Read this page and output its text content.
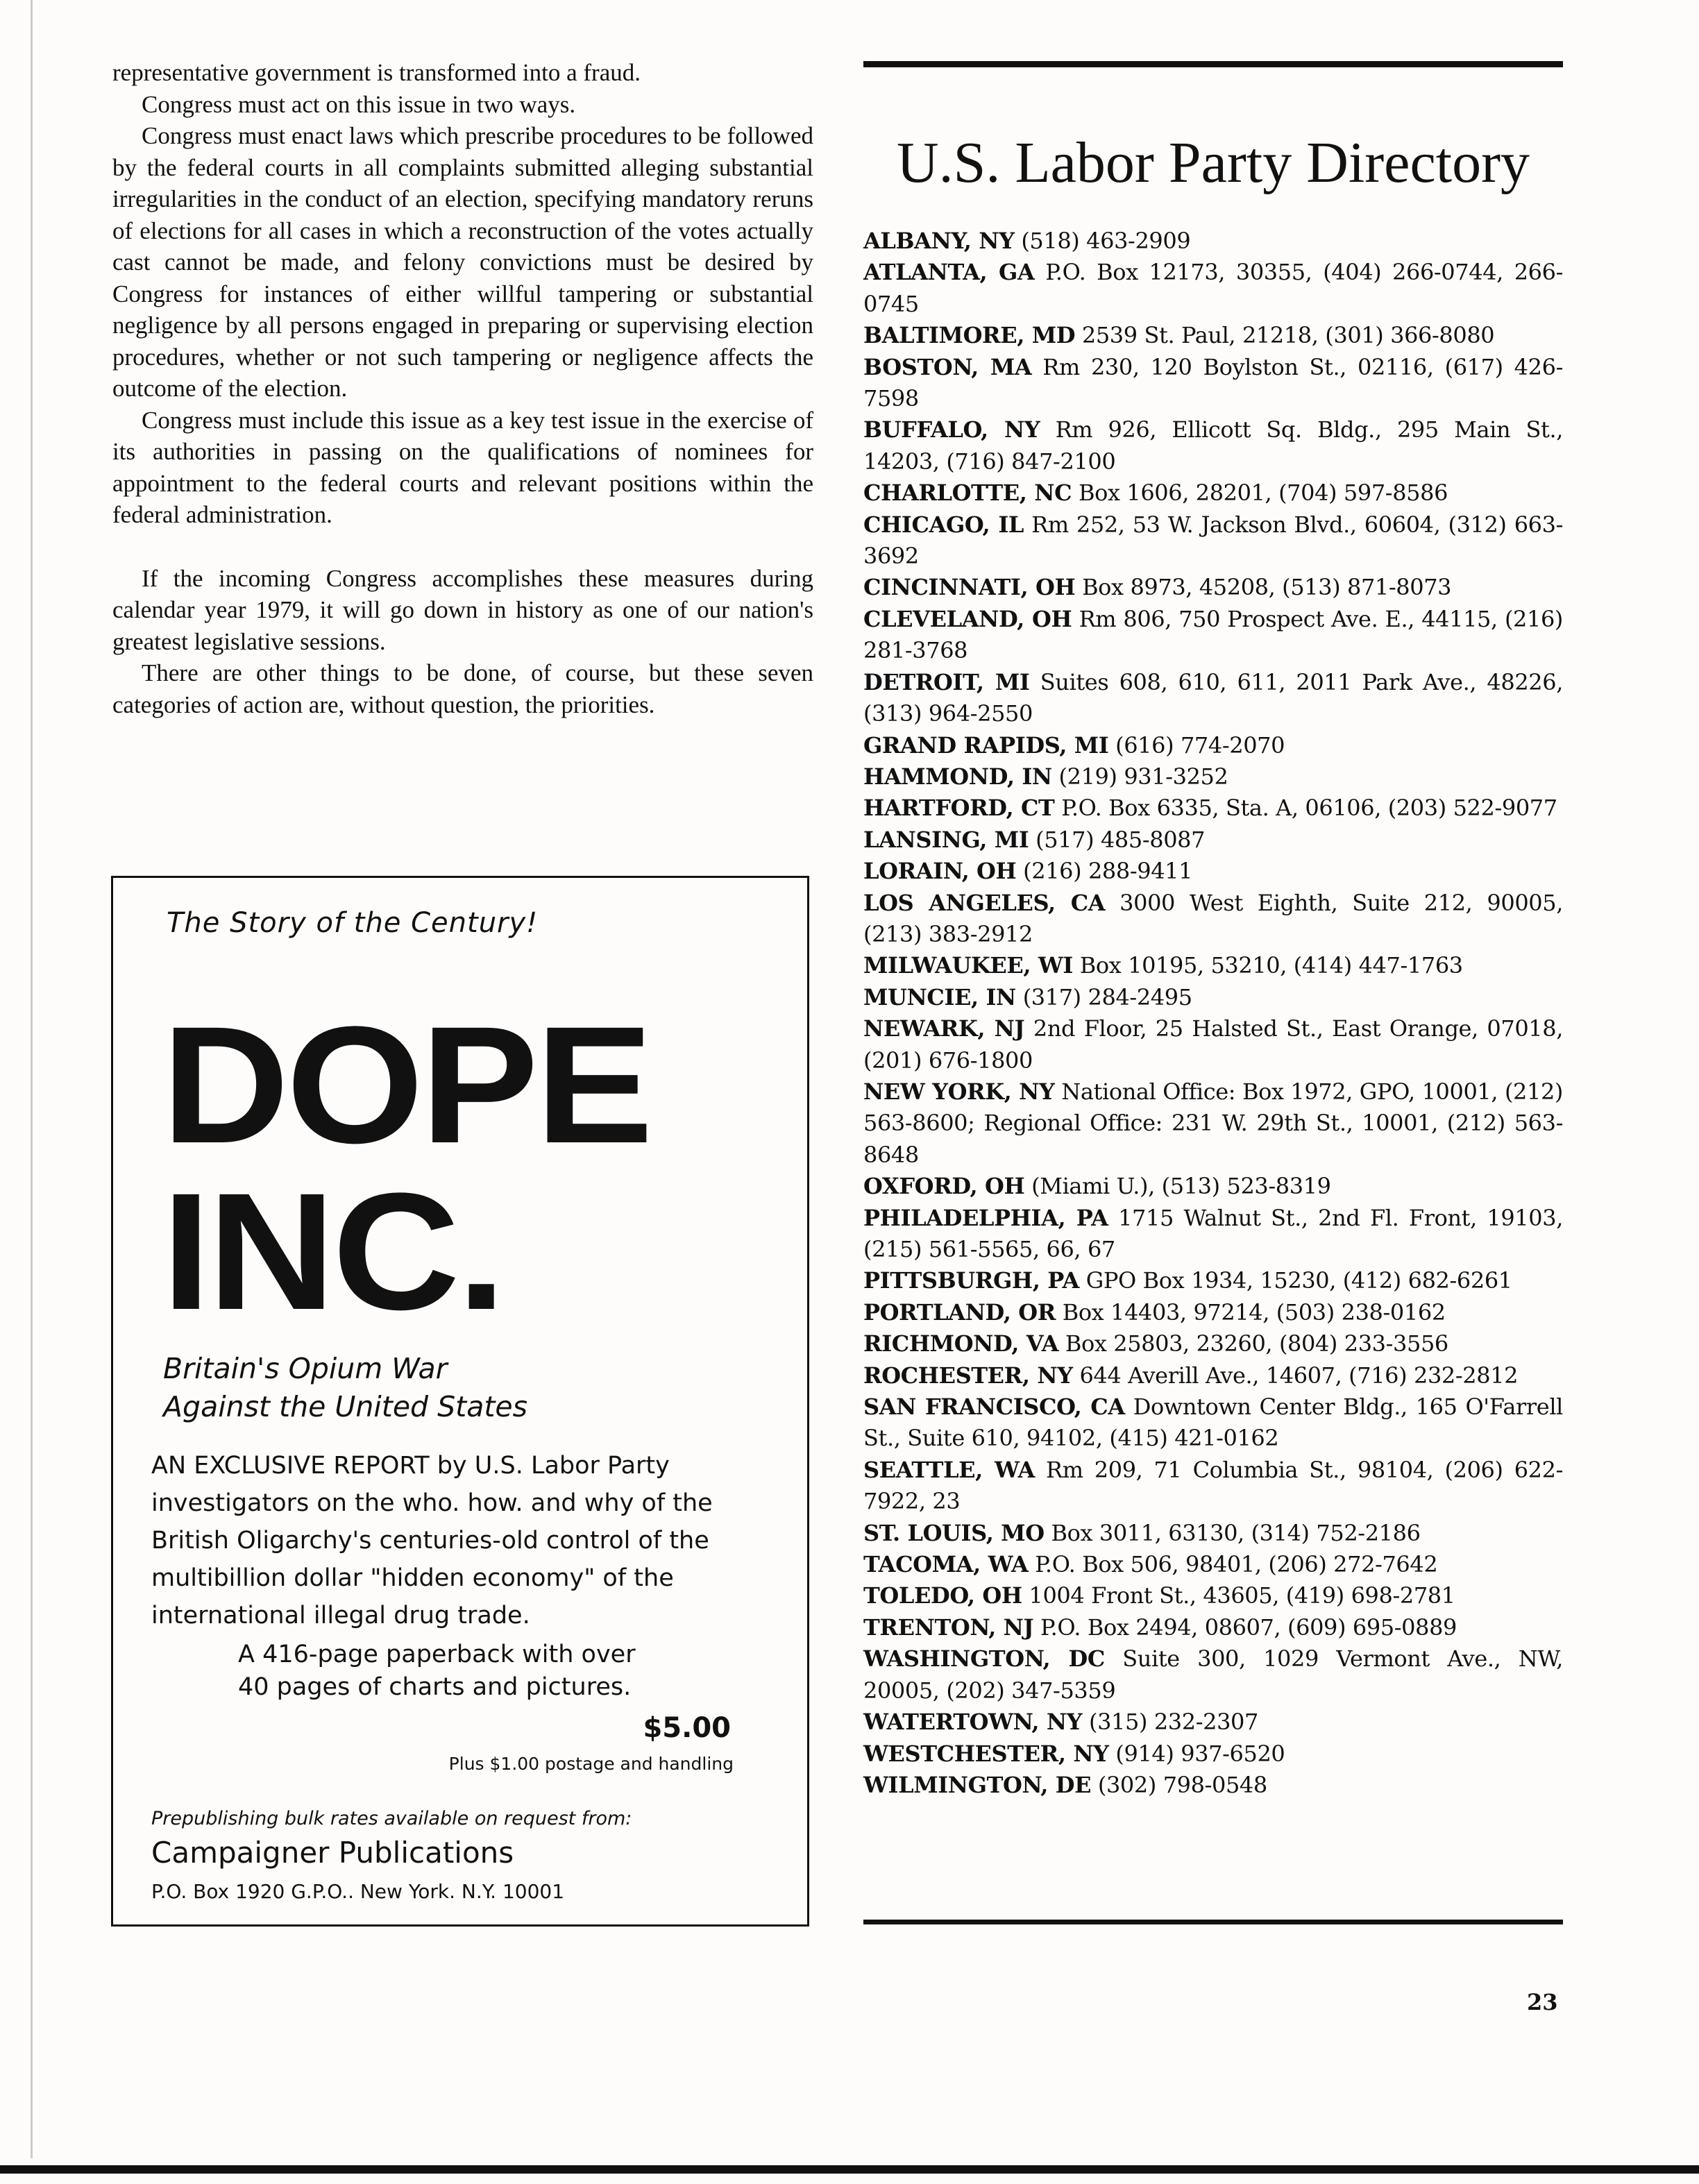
representative government is transformed into a fraud.

Congress must act on this issue in two ways.

Congress must enact laws which prescribe procedures to be followed by the federal courts in all complaints submitted alleging substantial irregularities in the conduct of an election, specifying mandatory reruns of elections for all cases in which a reconstruction of the votes actually cast cannot be made, and felony convictions must be desired by Congress for instances of either willful tampering or substantial negligence by all persons engaged in preparing or supervising election procedures, whether or not such tampering or negligence affects the outcome of the election.

Congress must include this issue as a key test issue in the exercise of its authorities in passing on the qualifications of nominees for appointment to the federal courts and relevant positions within the federal administration.

If the incoming Congress accomplishes these measures during calendar year 1979, it will go down in history as one of our nation's greatest legislative sessions.

There are other things to be done, of course, but these seven categories of action are, without question, the priorities.

The Story of the Century!
DOPE
INC.
Britain's Opium War
Against the United States
AN EXCLUSIVE REPORT by U.S. Labor Party investigators on the who. how. and why of the British Oligarchy's centuries-old control of the multibillion dollar "hidden economy" of the international illegal drug trade.
A 416-page paperback with over
40 pages of charts and pictures.
$5.00
Plus $1.00 postage and handling
Prepublishing bulk rates available on request from:
Campaigner Publications
P.O. Box 1920 G.P.O.. New York. N.Y. 10001
U.S. Labor Party Directory

ALBANY, NY (518) 463-2909

ATLANTA, GA P.O. Box 12173, 30355, (404) 266-0744, 266-0745

BALTIMORE, MD 2539 St. Paul, 21218, (301) 366-8080

BOSTON, MA Rm 230, 120 Boylston St., 02116, (617) 426-7598

BUFFALO, NY Rm 926, Ellicott Sq. Bldg., 295 Main St., 14203, (716) 847-2100

CHARLOTTE, NC Box 1606, 28201, (704) 597-8586

CHICAGO, IL Rm 252, 53 W. Jackson Blvd., 60604, (312) 663-3692

CINCINNATI, OH Box 8973, 45208, (513) 871-8073

CLEVELAND, OH Rm 806, 750 Prospect Ave. E., 44115, (216) 281-3768

DETROIT, MI Suites 608, 610, 611, 2011 Park Ave., 48226, (313) 964-2550

GRAND RAPIDS, MI (616) 774-2070

HAMMOND, IN (219) 931-3252

HARTFORD, CT P.O. Box 6335, Sta. A, 06106, (203) 522-9077

LANSING, MI (517) 485-8087

LORAIN, OH (216) 288-9411

LOS ANGELES, CA 3000 West Eighth, Suite 212, 90005, (213) 383-2912

MILWAUKEE, WI Box 10195, 53210, (414) 447-1763

MUNCIE, IN (317) 284-2495

NEWARK, NJ 2nd Floor, 25 Halsted St., East Orange, 07018, (201) 676-1800

NEW YORK, NY National Office: Box 1972, GPO, 10001, (212) 563-8600; Regional Office: 231 W. 29th St., 10001, (212) 563-8648

OXFORD, OH (Miami U.), (513) 523-8319

PHILADELPHIA, PA 1715 Walnut St., 2nd Fl. Front, 19103, (215) 561-5565, 66, 67

PITTSBURGH, PA GPO Box 1934, 15230, (412) 682-6261

PORTLAND, OR Box 14403, 97214, (503) 238-0162

RICHMOND, VA Box 25803, 23260, (804) 233-3556

ROCHESTER, NY 644 Averill Ave., 14607, (716) 232-2812

SAN FRANCISCO, CA Downtown Center Bldg., 165 O'Farrell St., Suite 610, 94102, (415) 421-0162

SEATTLE, WA Rm 209, 71 Columbia St., 98104, (206) 622-7922, 23

ST. LOUIS, MO Box 3011, 63130, (314) 752-2186

TACOMA, WA P.O. Box 506, 98401, (206) 272-7642

TOLEDO, OH 1004 Front St., 43605, (419) 698-2781

TRENTON, NJ P.O. Box 2494, 08607, (609) 695-0889

WASHINGTON, DC Suite 300, 1029 Vermont Ave., NW, 20005, (202) 347-5359

WATERTOWN, NY (315) 232-2307

WESTCHESTER, NY (914) 937-6520

WILMINGTON, DE (302) 798-0548

23
